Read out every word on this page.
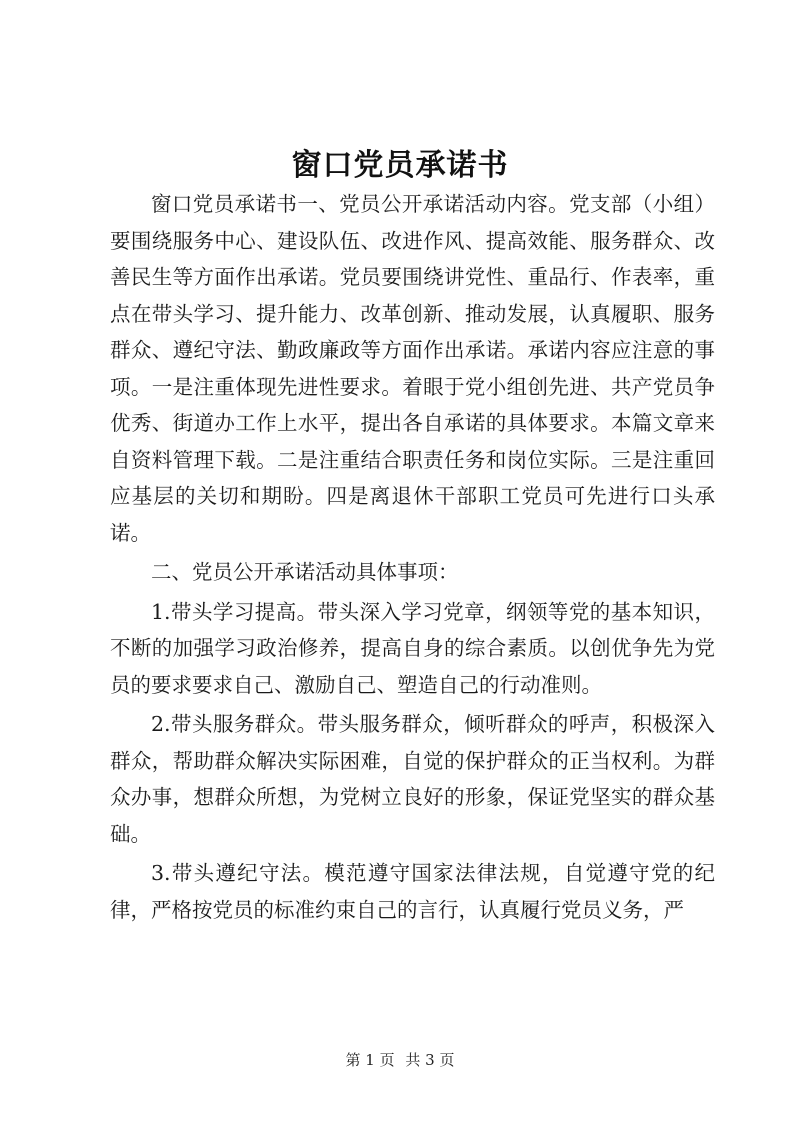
窗口党员承诺书

窗口党员承诺书一、党员公开承诺活动内容。党支部（小组）要围绕服务中心、建设队伍、改进作风、提高效能、服务群众、改善民生等方面作出承诺。党员要围绕讲党性、重品行、作表率，重点在带头学习、提升能力、改革创新、推动发展，认真履职、服务群众、遵纪守法、勤政廉政等方面作出承诺。承诺内容应注意的事项。一是注重体现先进性要求。着眼于党小组创先进、共产党员争优秀、街道办工作上水平，提出各自承诺的具体要求。本篇文章来自资料管理下载。二是注重结合职责任务和岗位实际。三是注重回应基层的关切和期盼。四是离退休干部职工党员可先进行口头承诺。

二、党员公开承诺活动具体事项：

1.带头学习提高。带头深入学习党章，纲领等党的基本知识，不断的加强学习政治修养，提高自身的综合素质。以创优争先为党员的要求要求自己、激励自己、塑造自己的行动准则。

2.带头服务群众。带头服务群众，倾听群众的呼声，积极深入群众，帮助群众解决实际困难，自觉的保护群众的正当权利。为群众办事，想群众所想，为党树立良好的形象，保证党坚实的群众基础。

3.带头遵纪守法。模范遵守国家法律法规，自觉遵守党的纪律，严格按党员的标准约束自己的言行，认真履行党员义务，严

第 1 页 共 3 页
